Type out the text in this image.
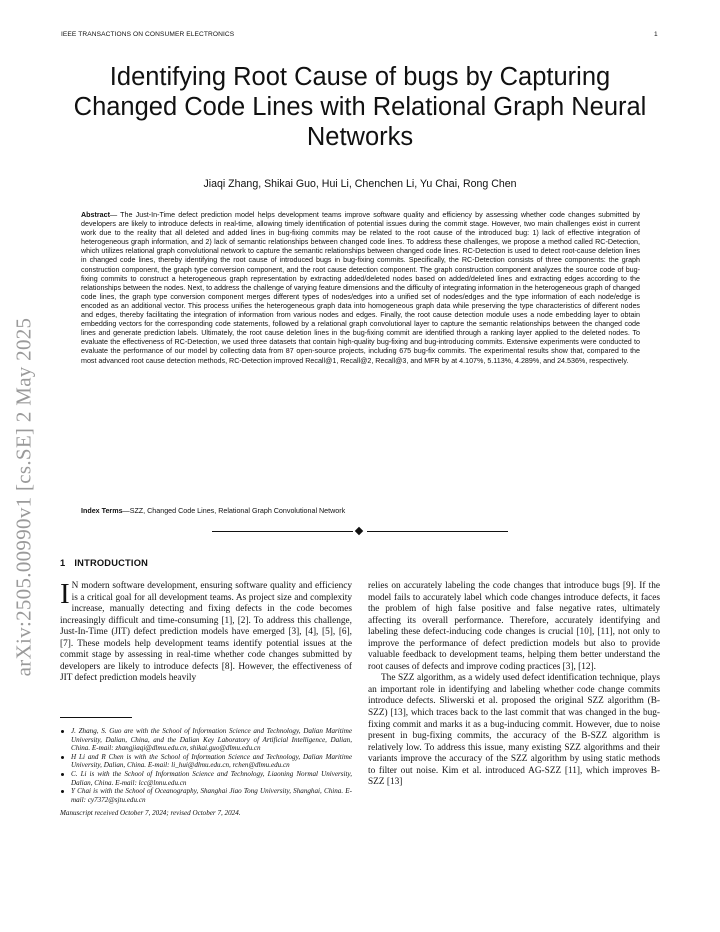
IEEE TRANSACTIONS ON CONSUMER ELECTRONICS	1
arXiv:2505.00990v1 [cs.SE] 2 May 2025
Identifying Root Cause of bugs by Capturing Changed Code Lines with Relational Graph Neural Networks
Jiaqi Zhang, Shikai Guo, Hui Li, Chenchen Li, Yu Chai, Rong Chen

Abstract— The Just-In-Time defect prediction model helps development teams improve software quality and efficiency by assessing whether code changes submitted by developers are likely to introduce defects in real-time, allowing timely identification of potential issues during the commit stage. However, two main challenges exist in current work due to the reality that all deleted and added lines in bug-fixing commits may be related to the root cause of the introduced bug: 1) lack of effective integration of heterogeneous graph information, and 2) lack of semantic relationships between changed code lines. To address these challenges, we propose a method called RC-Detection, which utilizes relational graph convolutional network to capture the semantic relationships between changed code lines. RC-Detection is used to detect root-cause deletion lines in changed code lines, thereby identifying the root cause of introduced bugs in bug-fixing commits. Specifically, the RC-Detection consists of three components: the graph construction component, the graph type conversion component, and the root cause detection component. The graph construction component analyzes the source code of bug-fixing commits to construct a heterogeneous graph representation by extracting added/deleted nodes based on added/deleted lines and extracting edges according to the relationships between the nodes. Next, to address the challenge of varying feature dimensions and the difficulty of integrating information in the heterogeneous graph of changed code lines, the graph type conversion component merges different types of nodes/edges into a unified set of nodes/edges and the type information of each node/edge is encoded as an additional vector. This process unifies the heterogeneous graph data into homogeneous graph data while preserving the type characteristics of different nodes and edges, thereby facilitating the integration of information from various nodes and edges. Finally, the root cause detection module uses a node embedding layer to obtain embedding vectors for the corresponding code statements, followed by a relational graph convolutional layer to capture the semantic relationships between the changed code lines and generate prediction labels. Ultimately, the root cause deletion lines in the bug-fixing commit are identified through a ranking layer applied to the deleted nodes. To evaluate the effectiveness of RC-Detection, we used three datasets that contain high-quality bug-fixing and bug-introducing commits. Extensive experiments were conducted to evaluate the performance of our model by collecting data from 87 open-source projects, including 675 bug-fix commits. The experimental results show that, compared to the most advanced root cause detection methods, RC-Detection improved Recall@1, Recall@2, Recall@3, and MFR by at 4.107%, 5.113%, 4.289%, and 24.536%, respectively.

Index Terms—SZZ, Changed Code Lines, Relational Graph Convolutional Network

1 INTRODUCTION

I N modern software development, ensuring software quality and efficiency is a critical goal for all development teams. As project size and complexity increase, manually detecting and fixing defects in the code becomes increasingly difficult and time-consuming [1], [2]. To address this challenge, Just-In-Time (JIT) defect prediction models have emerged [3], [4], [5], [6], [7]. These models help development teams identify potential issues at the commit stage by assessing in real-time whether code changes submitted by developers are likely to introduce defects [8]. However, the effectiveness of JIT defect prediction models heavily

J. Zhang, S. Guo are with the School of Information Science and Technology, Dalian Maritime University, Dalian, China, and the Dalian Key Laboratory of Artificial Intelligence, Dalian, China. E-mail: zhangjiaqi@dlmu.edu.cn, shikai.guo@dlmu.edu.cn
H Li and R Chen is with the School of Information Science and Technology, Dalian Maritime University, Dalian, China. E-mail: li_hui@dlmu.edu.cn, rchen@dlmu.edu.cn
C. Li is with the School of Information Science and Technology, Liaoning Normal University, Dalian, China. E-mail: lcc@lnnu.edu.cn
Y Chai is with the School of Oceanography, Shanghai Jiao Tong University, Shanghai, China. E-mail: cy7372@sjtu.edu.cn
Manuscript received October 7, 2024; revised October 7, 2024.

relies on accurately labeling the code changes that introduce bugs [9]. If the model fails to accurately label which code changes introduce defects, it faces the problem of high false positive and false negative rates, ultimately affecting its overall performance. Therefore, accurately identifying and labeling these defect-inducing code changes is crucial [10], [11], not only to improve the performance of defect prediction models but also to provide valuable feedback to development teams, helping them better understand the root causes of defects and improve coding practices [3], [12].

The SZZ algorithm, as a widely used defect identification technique, plays an important role in identifying and labeling whether code change commits introduce defects. Sliwerski et al. proposed the original SZZ algorithm (B-SZZ) [13], which traces back to the last commit that was changed in the bug-fixing commit and marks it as a bug-inducing commit. However, due to noise present in bug-fixing commits, the accuracy of the B-SZZ algorithm is relatively low. To address this issue, many existing SZZ algorithms and their variants improve the accuracy of the SZZ algorithm by using static methods to filter out noise. Kim et al. introduced AG-SZZ [11], which improves B-SZZ [13]
